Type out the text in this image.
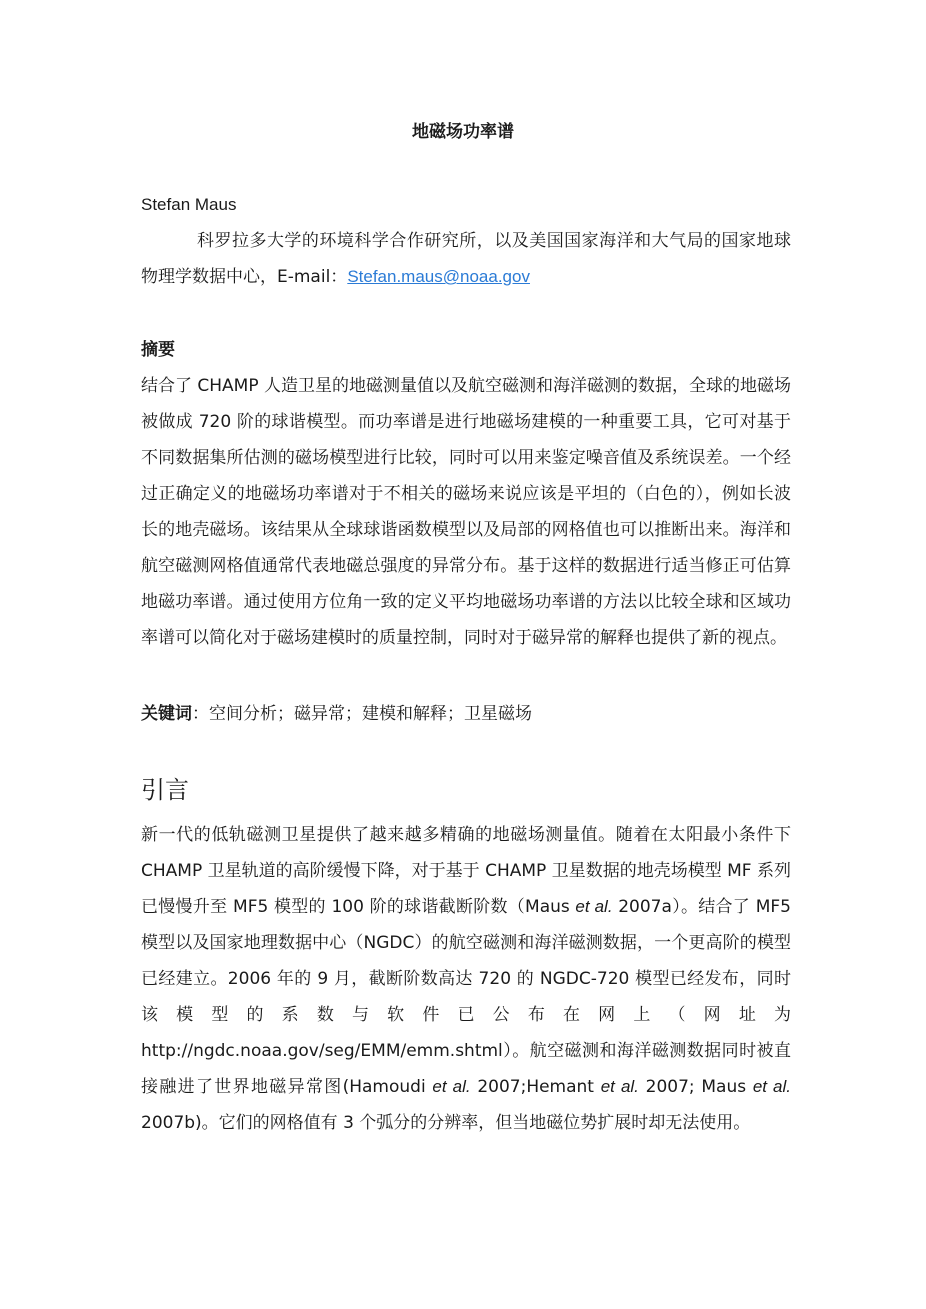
地磁场功率谱
Stefan Maus
科罗拉多大学的环境科学合作研究所，以及美国国家海洋和大气局的国家地球物理学数据中心，E-mail：Stefan.maus@noaa.gov
摘要
结合了 CHAMP 人造卫星的地磁测量值以及航空磁测和海洋磁测的数据，全球的地磁场被做成 720 阶的球谐模型。而功率谱是进行地磁场建模的一种重要工具，它可对基于不同数据集所估测的磁场模型进行比较，同时可以用来鉴定噪音值及系统误差。一个经过正确定义的地磁场功率谱对于不相关的磁场来说应该是平坦的（白色的），例如长波长的地壳磁场。该结果从全球球谐函数模型以及局部的网格值也可以推断出来。海洋和航空磁测网格值通常代表地磁总强度的异常分布。基于这样的数据进行适当修正可估算地磁功率谱。通过使用方位角一致的定义平均地磁场功率谱的方法以比较全球和区域功率谱可以简化对于磁场建模时的质量控制，同时对于磁异常的解释也提供了新的视点。
关键词：空间分析；磁异常；建模和解释；卫星磁场
引言
新一代的低轨磁测卫星提供了越来越多精确的地磁场测量值。随着在太阳最小条件下 CHAMP 卫星轨道的高阶缓慢下降，对于基于 CHAMP 卫星数据的地壳场模型 MF 系列已慢慢升至 MF5 模型的 100 阶的球谐截断阶数（Maus et al. 2007a）。结合了 MF5 模型以及国家地理数据中心（NGDC）的航空磁测和海洋磁测数据，一个更高阶的模型已经建立。2006 年的 9 月，截断阶数高达 720 的 NGDC-720 模型已经发布，同时该模型的系数与软件已公布在网上（网址为 http://ngdc.noaa.gov/seg/EMM/emm.shtml）。航空磁测和海洋磁测数据同时被直接融进了世界地磁异常图(Hamoudi et al. 2007;Hemant et al. 2007; Maus et al. 2007b)。它们的网格值有 3 个弧分的分辨率，但当地磁位势扩展时却无法使用。
